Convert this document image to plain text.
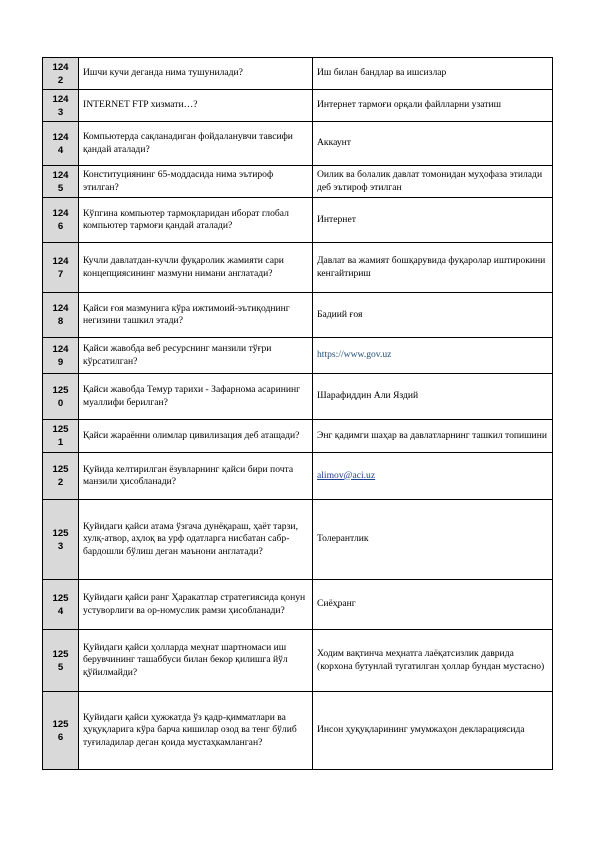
124
2	Ишчи кучи деганда нима тушунилади?	Иш билан бандлар ва ишсизлар
124
3	INTERNET FTP хизмати…?	Интернет тармоғи орқали файлларни узатиш
124
4	Компьютерда сақланадиган фойдаланувчи тавсифи қандай аталади?	Аккаунт
124
5	Конституциянинг 65-моддасида нима эътироф этилган?	Оилик ва болалик давлат томонидан муҳофаза этилади деб эътироф этилган
124
6	Кўпгина компьютер тармоқларидан иборат глобал компьютер тармоғи қандай аталади?	Интернет
124
7	Кучли давлатдан-кучли фуқаролик жамияти сари концепциясининг мазмуни нимани англатади?	Давлат ва жамият бошқарувида фуқаролар иштирокини кенгайтириш
124
8	Қайси ғоя мазмунига кўра ижтимоий-эътиқоднинг негизини ташкил этади?	Бадиий ғоя
124
9	Қайси жавобда веб ресурснинг манзили тўғри кўрсатилган?	https://www.gov.uz
125
0	Қайси жавобда Темур тарихи - Зафарнома асарининг муаллифи берилган?	Шарафиддин Али Яздий
125
1	Қайси жараённи олимлар цивилизация деб атащади?	Энг қадимги шаҳар ва давлатларнинг ташкил топишини
125
2	Қуйида келтирилган ёзувларнинг қайси бири почта манзили ҳисобланади?	alimov@aci.uz
125
3	Қуйидаги қайси атама ўзгача дунёқараш, ҳаёт тарзи, хулқ-атвор, аҳлоқ ва урф одатларга нисбатан сабр-бардошли бўлиш деган маънони англатади?	Толерантлик
125
4	Қуйидаги қайси ранг Ҳаракатлар стратегиясида қонун устуворлиги ва ор-номуслик рамзи ҳисобланади?	Сиёҳранг
125
5	Қуйидаги қайси ҳолларда меҳнат шартномаси иш берувчининг ташаббуси билан бекор қилишга йўл қўйилмайди?	Ходим вақтинча меҳнатга лаёқатсизлик даврида (корхона бутунлай тугатилган ҳоллар бундан мустасно)
125
6	Қуйидаги қайси ҳужжатда ўз қадр-қимматлари ва ҳуқуқларига кўра барча кишилар озод ва тенг бўлиб туғиладилар деган қоида мустаҳкамланган?	Инсон ҳуқуқларининг умумжаҳон декларациясида
